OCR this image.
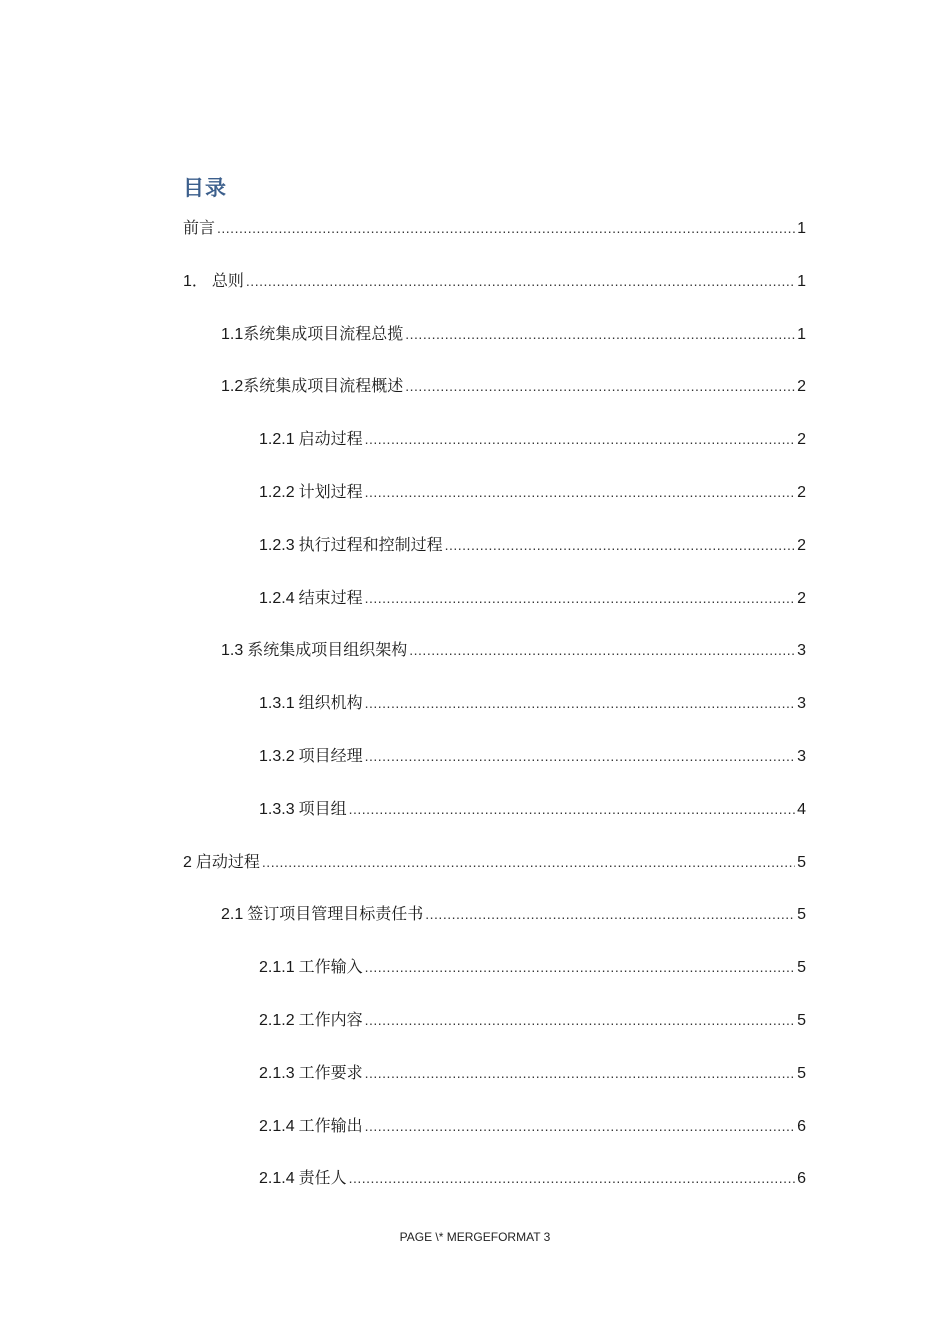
目录
前言 .....	1
1． 总则 .....	1
1.1 系统集成项目流程总揽 .....	1
1.2 系统集成项目流程概述 .....	2
1.2.1 启动过程 .....	2
1.2.2 计划过程 .....	2
1.2.3 执行过程和控制过程 .....	2
1.2.4 结束过程 .....	2
1.3 系统集成项目组织架构 .....	3
1.3.1 组织机构 .....	3
1.3.2 项目经理 .....	3
1.3.3 项目组 .....	4
2 启动过程 .....	5
2.1 签订项目管理目标责任书 .....	5
2.1.1 工作输入 .....	5
2.1.2 工作内容 .....	5
2.1.3 工作要求 .....	5
2.1.4 工作输出 .....	6
2.1.4 责任人 .....	6
PAGE \* MERGEFORMAT 3
